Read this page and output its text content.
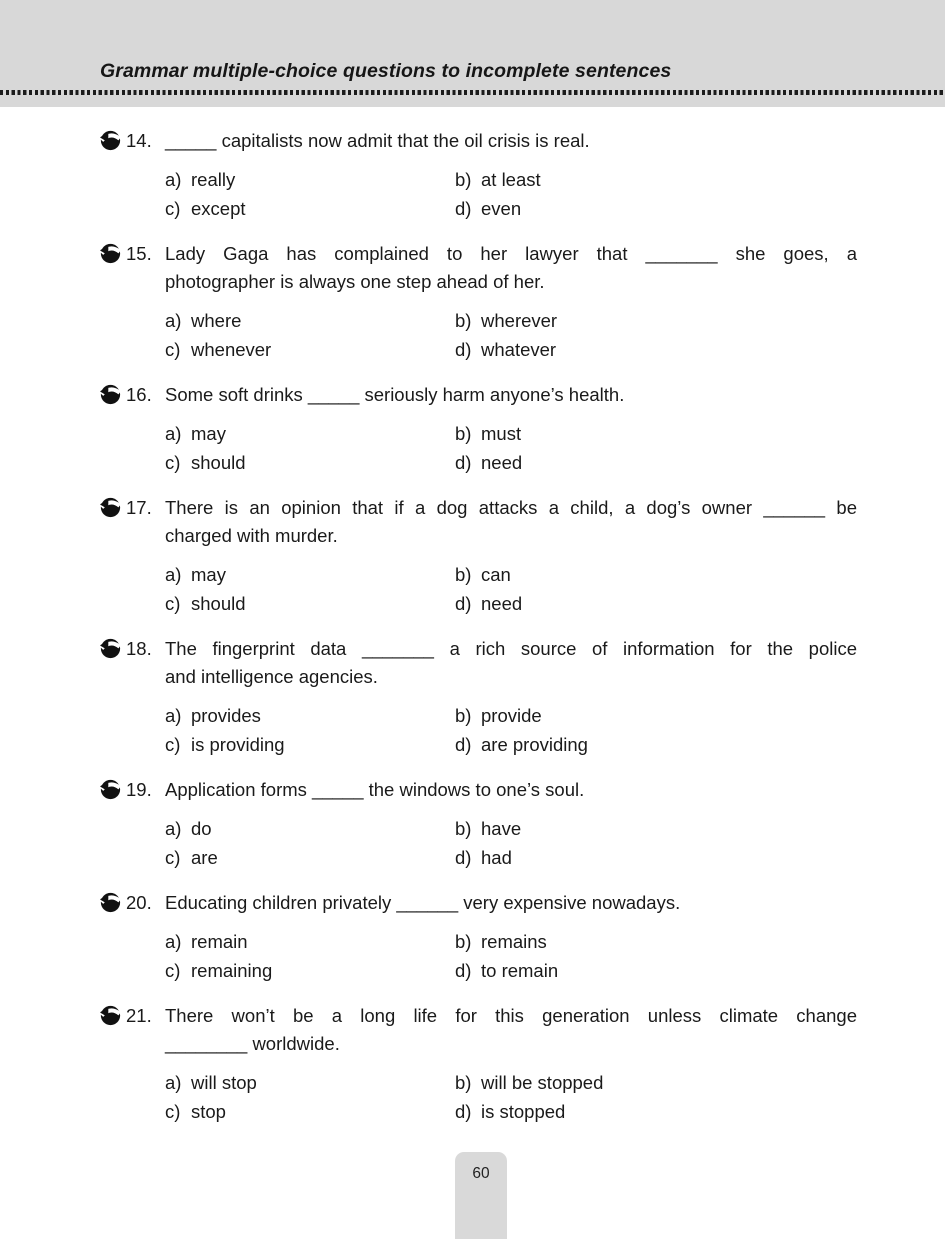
Grammar multiple-choice questions to incomplete sentences
14. _____ capitalists now admit that the oil crisis is real.
a) really	b) at least
c) except	d) even
15. Lady Gaga has complained to her lawyer that _______ she goes, a
photographer is always one step ahead of her.
a) where	b) wherever
c) whenever	d) whatever
16. Some soft drinks _____ seriously harm anyone’s health.
a) may	b) must
c) should	d) need
17. There is an opinion that if a dog attacks a child, a dog’s owner ______ be
charged with murder.
a) may	b) can
c) should	d) need
18. The fingerprint data _______ a rich source of information for the police
and intelligence agencies.
a) provides	b) provide
c) is providing	d) are providing
19. Application forms _____ the windows to one’s soul.
a) do	b) have
c) are	d) had
20. Educating children privately ______ very expensive nowadays.
a) remain	b) remains
c) remaining	d) to remain
21. There won’t be a long life for this generation unless climate change
________ worldwide.
a) will stop	b) will be stopped
c) stop	d) is stopped
60
